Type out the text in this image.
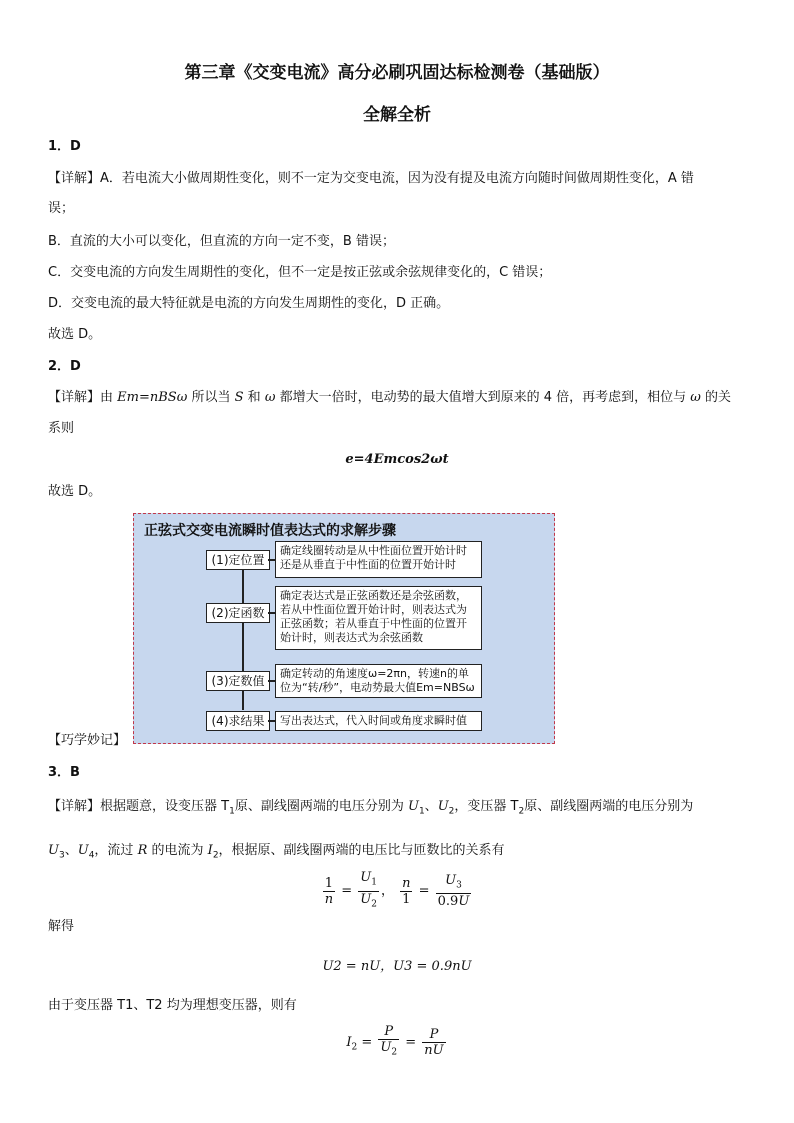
第三章《交变电流》高分必刷巩固达标检测卷（基础版）
全解全析
1．D
【详解】A．若电流大小做周期性变化，则不一定为交变电流，因为没有提及电流方向随时间做周期性变化，A 错
误；
B．直流的大小可以变化，但直流的方向一定不变，B 错误；
C．交变电流的方向发生周期性的变化，但不一定是按正弦或余弦规律变化的，C 错误；
D．交变电流的最大特征就是电流的方向发生周期性的变化，D 正确。
故选 D。
2．D
【详解】由 Em=nBSω 所以当 S 和 ω 都增大一倍时，电动势的最大值增大到原来的 4 倍，再考虑到，相位与 ω 的关
系则
e=4Emcos2ωt
故选 D。
正弦式交变电流瞬时值表达式的求解步骤
(1)定位置
确定线圈转动是从中性面位置开始计时还是从垂直于中性面的位置开始计时
(2)定函数
确定表达式是正弦函数还是余弦函数，若从中性面位置开始计时，则表达式为正弦函数；若从垂直于中性面的位置开始计时，则表达式为余弦函数
(3)定数值
确定转动的角速度ω=2πn，转速n的单位为“转/秒”，电动势最大值Em=NBSω
(4)求结果	写出表达式，代入时间或角度求瞬时值
【巧学妙记】
3．B
【详解】根据题意，设变压器 $T_1$原、副线圈两端的电压分别为 $U_1$、$U_2$，变压器 $T_2$原、副线圈两端的电压分别为
$U_3$、$U_4$，流过 R 的电流为 $I_2$，根据原、副线圈两端的电压比与匝数比的关系有
$\frac{1}{n} = \frac{U_1}{U_2}$ ， $\frac{n}{1} = \frac{U_3}{0.9U}$
解得
U2 = nU，U3 = 0.9nU
由于变压器 T1、T2 均为理想变压器，则有
$I_2 = \frac{P}{U_2} = \frac{P}{nU}$
